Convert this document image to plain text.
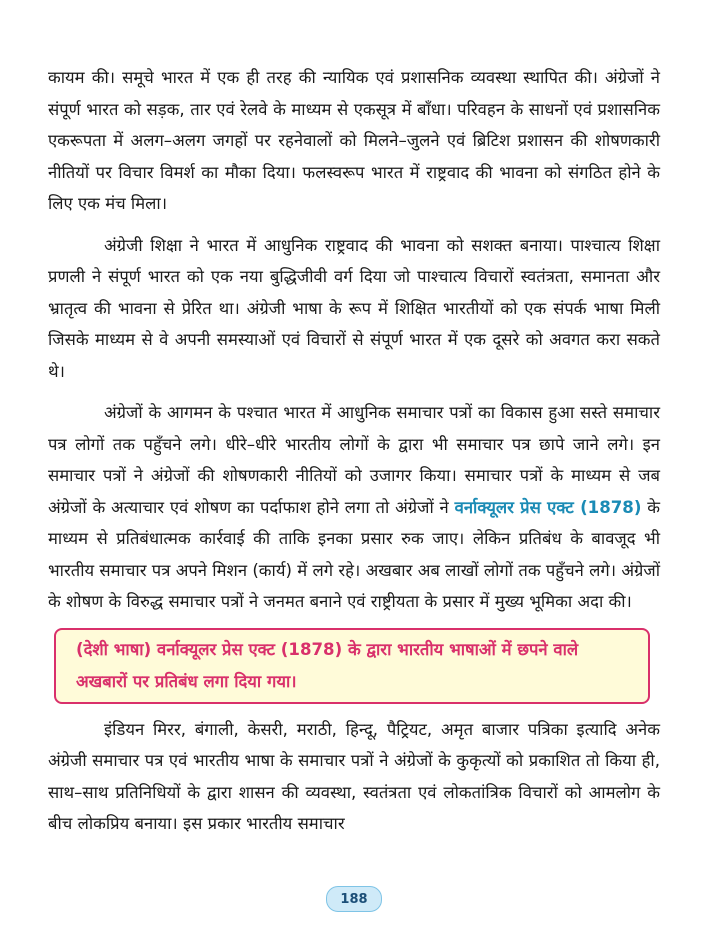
कायम की। समूचे भारत में एक ही तरह की न्यायिक एवं प्रशासनिक व्यवस्था स्थापित की। अंग्रेजों ने संपूर्ण भारत को सड़क, तार एवं रेलवे के माध्यम से एकसूत्र में बाँधा। परिवहन के साधनों एवं प्रशासनिक एकरूपता में अलग–अलग जगहों पर रहनेवालों को मिलने–जुलने एवं ब्रिटिश प्रशासन की शोषणकारी नीतियों पर विचार विमर्श का मौका दिया। फलस्वरूप भारत में राष्ट्रवाद की भावना को संगठित होने के लिए एक मंच मिला।

अंग्रेजी शिक्षा ने भारत में आधुनिक राष्ट्रवाद की भावना को सशक्त बनाया। पाश्चात्य शिक्षा प्रणली ने संपूर्ण भारत को एक नया बुद्धिजीवी वर्ग दिया जो पाश्चात्य विचारों स्वतंत्रता, समानता और भ्रातृत्व की भावना से प्रेरित था। अंग्रेजी भाषा के रूप में शिक्षित भारतीयों को एक संपर्क भाषा मिली जिसके माध्यम से वे अपनी समस्याओं एवं विचारों से संपूर्ण भारत में एक दूसरे को अवगत करा सकते थे।

अंग्रेजों के आगमन के पश्चात भारत में आधुनिक समाचार पत्रों का विकास हुआ सस्ते समाचार पत्र लोगों तक पहुँचने लगे। धीरे–धीरे भारतीय लोगों के द्वारा भी समाचार पत्र छापे जाने लगे। इन समाचार पत्रों ने अंग्रेजों की शोषणकारी नीतियों को उजागर किया। समाचार पत्रों के माध्यम से जब अंग्रेजों के अत्याचार एवं शोषण का पर्दाफाश होने लगा तो अंग्रेजों ने वर्नाक्यूलर प्रेस एक्ट (1878) के माध्यम से प्रतिबंधात्मक कार्रवाई की ताकि इनका प्रसार रुक जाए। लेकिन प्रतिबंध के बावजूद भी भारतीय समाचार पत्र अपने मिशन (कार्य) में लगे रहे। अखबार अब लाखों लोगों तक पहुँचने लगे। अंग्रेजों के शोषण के विरुद्ध समाचार पत्रों ने जनमत बनाने एवं राष्ट्रीयता के प्रसार में मुख्य भूमिका अदा की।

(देशी भाषा) वर्नाक्यूलर प्रेस एक्ट (1878) के द्वारा भारतीय भाषाओं में छपने वाले अखबारों पर प्रतिबंध लगा दिया गया।

इंडियन मिरर, बंगाली, केसरी, मराठी, हिन्दू, पैट्रियट, अमृत बाजार पत्रिका इत्यादि अनेक अंग्रेजी समाचार पत्र एवं भारतीय भाषा के समाचार पत्रों ने अंग्रेजों के कुकृत्यों को प्रकाशित तो किया ही, साथ–साथ प्रतिनिधियों के द्वारा शासन की व्यवस्था, स्वतंत्रता एवं लोकतांत्रिक विचारों को आमलोग के बीच लोकप्रिय बनाया। इस प्रकार भारतीय समाचार

188
